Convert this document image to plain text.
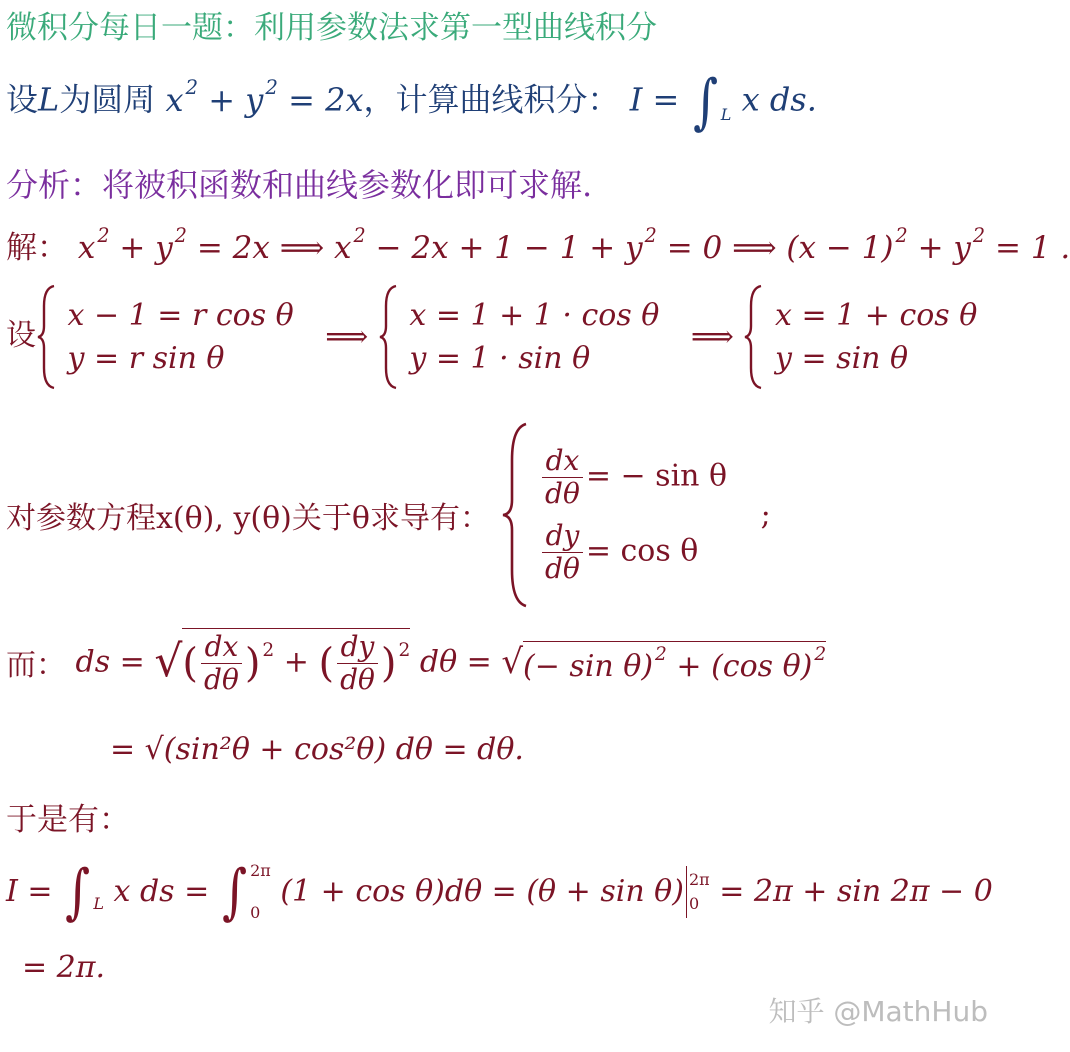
微积分每日一题：利用参数法求第一型曲线积分
设L为圆周 x $^2$ + y $^2$ = 2x，计算曲线积分： I = ∫ $_L$ x ds.
分析：将被积函数和曲线参数化即可求解.
解： x $^2$ + y $^2$ = 2x ⟹ x $^2$ − 2x + 1 − 1 + y $^2$ = 0 ⟹ (x − 1) $^2$ + y $^2$ = 1 .
设
x − 1 = r cos θ
y = r sin θ
⟹
x = 1 + 1 · cos θ
y = 1 · sin θ
⟹
x = 1 + cos θ
y = sin θ
对参数方程x(θ), y(θ)关于θ求导有：
$\frac{dx}{d\theta}$ = − sin θ
$\frac{dy}{d\theta} = \cos \theta$
;
而： ds = √( $\frac{dx}{d\theta}$ ) $^2$ + ( $\frac{dy}{d\theta}$ ) $^2$ dθ = √(− sin θ) $^2$ + (cos θ) $^2$
= √(sin²θ + cos²θ) dθ = dθ.
于是有：
I = ∫ $_L$ x ds = ∫ 2π
0
(1 + cos θ)dθ = (θ + sin θ) 2π
0 = 2π + sin 2π − 0
= 2π.
知乎 @MathHub
